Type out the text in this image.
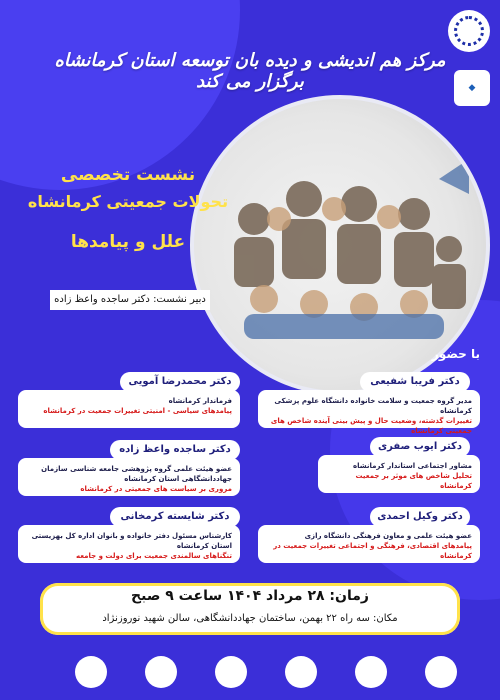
◆
مرکز هم اندیشی و دیده بان توسعه استان کرمانشاه برگزار می کند
نشست تخصصی
تحولات جمعیتی کرمانشاه
علل و پیامدها
دبیر نشست: دکتر ساجده واعظ زاده
با حضور
دکتر فریبا شفیعی
مدیر گروه جمعیت و سلامت خانواده دانشگاه علوم پزشکی کرمانشاه
تغییرات گذشته، وضعیت حال و پیش بینی آینده شاخص های جمعیتی کرمانشاه
دکتر محمدرضا آمویی
فرماندار کرمانشاه
پیامدهای سیاسی - امنیتی تغییرات جمعیت در کرمانشاه
دکتر ایوب صفری
مشاور اجتماعی استاندار کرمانشاه
تحلیل شاخص های موثر بر جمعیت کرمانشاه
دکتر ساجده واعظ زاده
عضو هیئت علمی گروه پژوهشی جامعه شناسی سازمان جهاددانشگاهی استان کرمانشاه
مروری بر سیاست های جمعیتی در کرمانشاه
دکتر وکیل احمدی
عضو هیئت علمی و معاون فرهنگی دانشگاه رازی
پیامدهای اقتصادی، فرهنگی و اجتماعی تغییرات جمعیت در کرمانشاه
دکتر شایسته کرمخانی
کارشناس مسئول دفتر خانواده و بانوان اداره کل بهزیستی استان کرمانشاه
تنگناهای سالمندی جمعیت برای دولت و جامعه
زمان: ۲۸ مرداد ۱۴۰۴ ساعت ۹ صبح
مکان: سه راه ۲۲ بهمن، ساختمان جهاددانشگاهی، سالن شهید نوروزنژاد
